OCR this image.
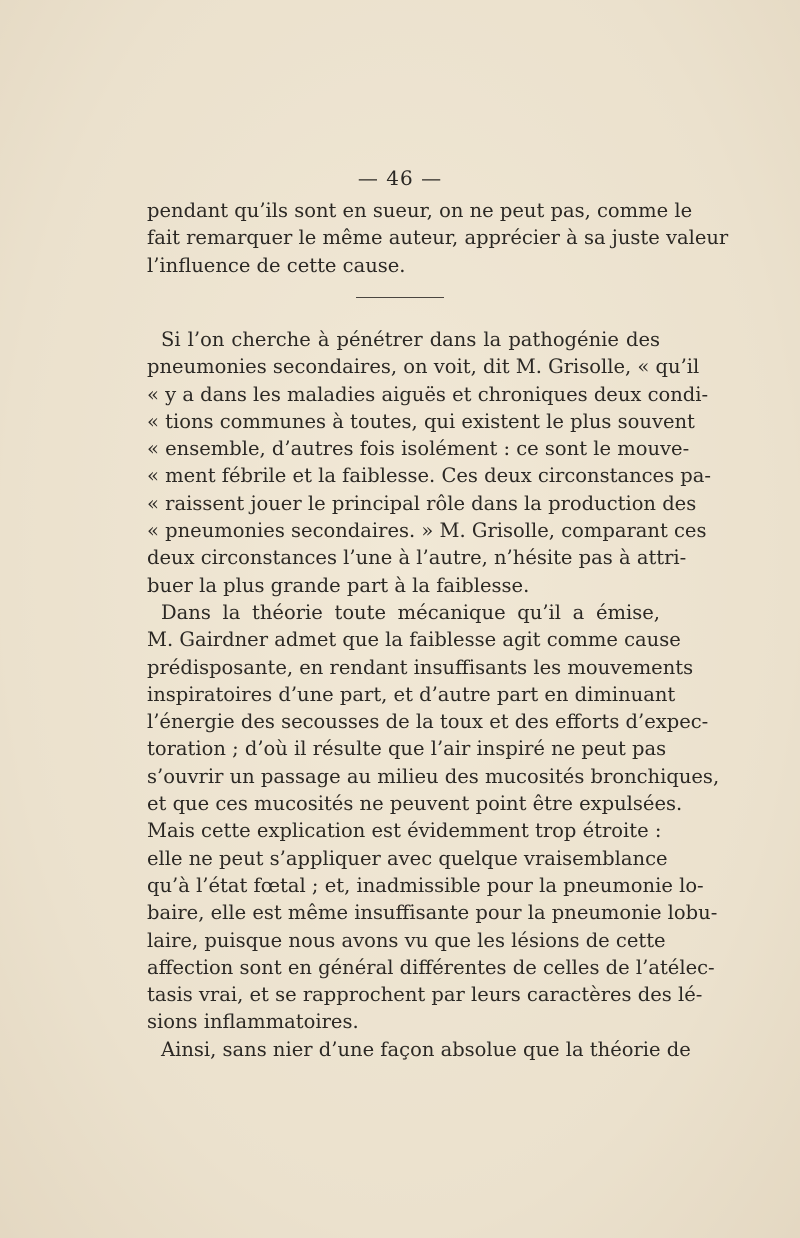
— 46 —
pendant qu’ils sont en sueur, on ne peut pas, comme le
fait remarquer le même auteur, apprécier à sa juste valeur
l’influence de cette cause.
Si l’on cherche à pénétrer dans la pathogénie des
pneumonies secondaires, on voit, dit M. Grisolle, « qu’il
« y a dans les maladies aiguës et chroniques deux condi-
« tions communes à toutes, qui existent le plus souvent
« ensemble, d’autres fois isolément : ce sont le mouve-
« ment fébrile et la faiblesse. Ces deux circonstances pa-
« raissent jouer le principal rôle dans la production des
« pneumonies secondaires. » M. Grisolle, comparant ces
deux circonstances l’une à l’autre, n’hésite pas à attri-
buer la plus grande part à la faiblesse.
Dans la théorie toute mécanique qu’il a émise,
M. Gairdner admet que la faiblesse agit comme cause
prédisposante, en rendant insuffisants les mouvements
inspiratoires d’une part, et d’autre part en diminuant
l’énergie des secousses de la toux et des efforts d’expec-
toration ; d’où il résulte que l’air inspiré ne peut pas
s’ouvrir un passage au milieu des mucosités bronchiques,
et que ces mucosités ne peuvent point être expulsées.
Mais cette explication est évidemment trop étroite :
elle ne peut s’appliquer avec quelque vraisemblance
qu’à l’état fœtal ; et, inadmissible pour la pneumonie lo-
baire, elle est même insuffisante pour la pneumonie lobu-
laire, puisque nous avons vu que les lésions de cette
affection sont en général différentes de celles de l’atélec-
tasis vrai, et se rapprochent par leurs caractères des lé-
sions inflammatoires.
Ainsi, sans nier d’une façon absolue que la théorie de
